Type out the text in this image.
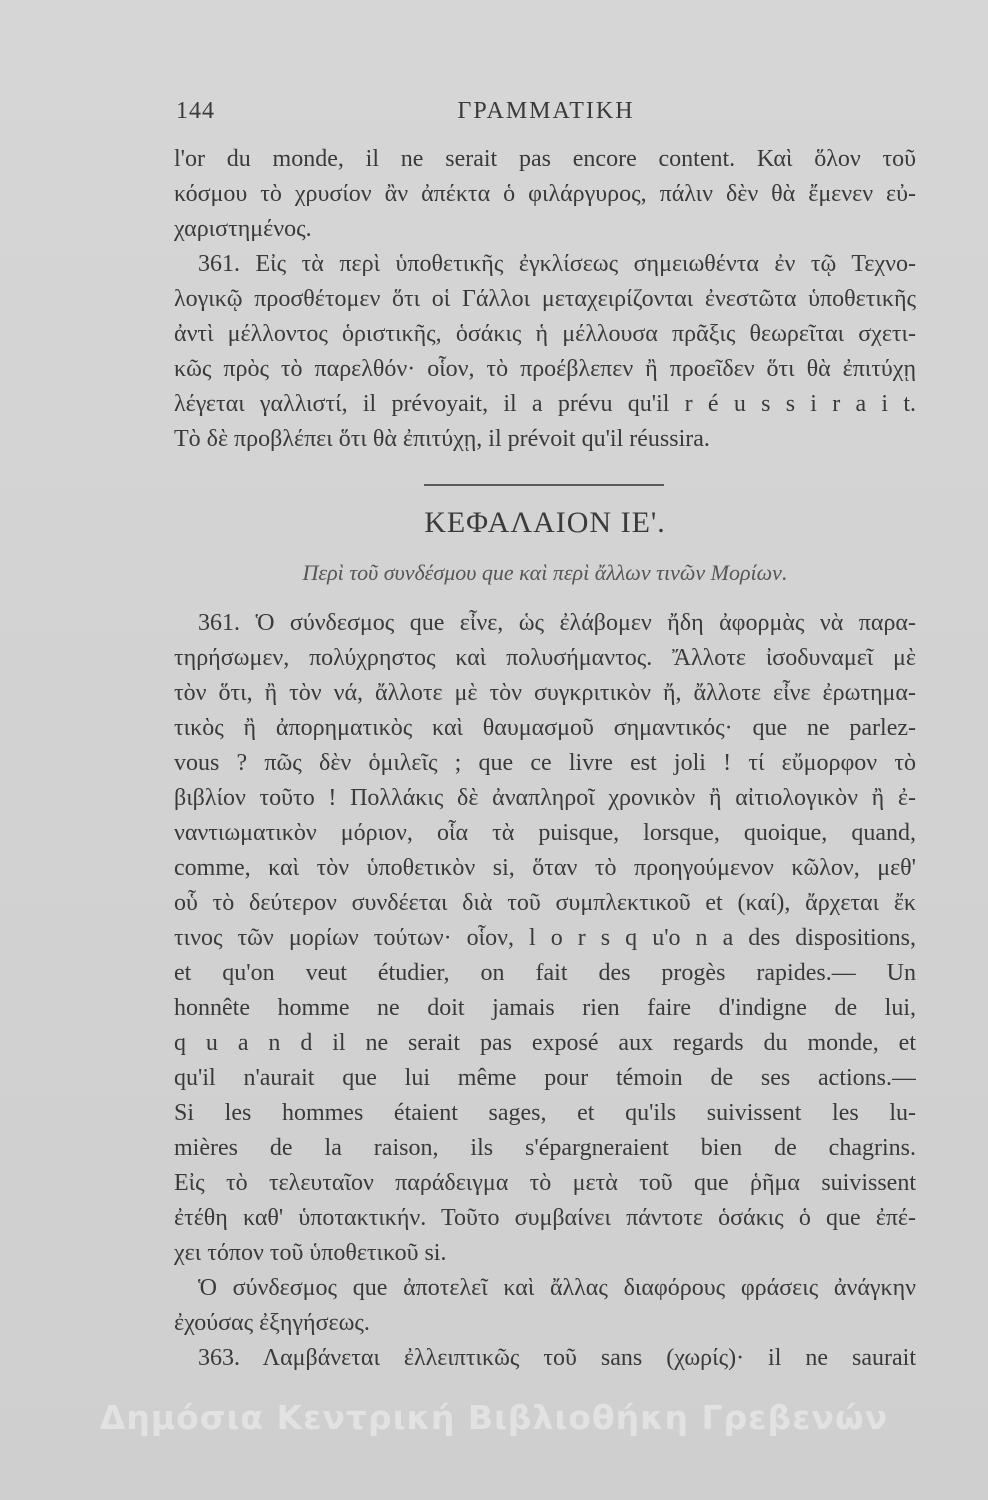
144	ΓΡΑΜΜΑΤΙΚΗ
l'or du monde, il ne serait pas encore content. Καὶ ὅλον τοῦ
κόσμου τὸ χρυσίον ἂν ἀπέκτα ὁ φιλάργυρος, πάλιν δὲν θὰ ἔμενεν εὐ-
χαριστημένος.
361. Εἰς τὰ περὶ ὑποθετικῆς ἐγκλίσεως σημειωθέντα ἐν τῷ Τεχνο-
λογικῷ προσθέτομεν ὅτι οἱ Γάλλοι μεταχειρίζονται ἐνεστῶτα ὑποθετικῆς
ἀντὶ μέλλοντος ὁριστικῆς, ὁσάκις ἡ μέλλουσα πρᾶξις θεωρεῖται σχετι-
κῶς πρὸς τὸ παρελθόν· οἷον, τὸ προέβλεπεν ἢ προεῖδεν ὅτι θὰ ἐπιτύχῃ
λέγεται γαλλιστί, il prévoyait, il a prévu qu'il r é u s s i r a i t.
Τὸ δὲ προβλέπει ὅτι θὰ ἐπιτύχῃ, il prévoit qu'il réussira.
ΚΕΦΑΛΑΙΟΝ ΙΕ'.
Περὶ τοῦ συνδέσμου que καὶ περὶ ἄλλων τινῶν Μορίων.
361. Ὁ σύνδεσμος que εἶνε, ὡς ἐλάβομεν ἤδη ἀφορμὰς νὰ παρα-
τηρήσωμεν, πολύχρηστος καὶ πολυσήμαντος. Ἄλλοτε ἰσοδυναμεῖ μὲ
τὸν ὅτι, ἢ τὸν νά, ἄλλοτε μὲ τὸν συγκριτικὸν ἤ, ἄλλοτε εἶνε ἐρωτημα-
τικὸς ἢ ἀπορηματικὸς καὶ θαυμασμοῦ σημαντικός· que ne parlez-
vous ? πῶς δὲν ὁμιλεῖς ; que ce livre est joli ! τί εὔμορφον τὸ
βιβλίον τοῦτο ! Πολλάκις δὲ ἀναπληροῖ χρονικὸν ἢ αἰτιολογικὸν ἢ ἐ-
ναντιωματικὸν μόριον, οἷα τὰ puisque, lorsque, quoique, quand,
comme, καὶ τὸν ὑποθετικὸν si, ὅταν τὸ προηγούμενον κῶλον, μεθ'
οὗ τὸ δεύτερον συνδέεται διὰ τοῦ συμπλεκτικοῦ et (καί), ἄρχεται ἔκ
τινος τῶν μορίων τούτων· οἷον, l o r s q u'o n a des dispositions,
et qu'on veut étudier, on fait des progès rapides.— Un
honnête homme ne doit jamais rien faire d'indigne de lui,
q u a n d il ne serait pas exposé aux regards du monde, et
qu'il n'aurait que lui même pour témoin de ses actions.—
Si les hommes étaient sages, et qu'ils suivissent les lu-
mières de la raison, ils s'épargneraient bien de chagrins.
Εἰς τὸ τελευταῖον παράδειγμα τὸ μετὰ τοῦ que ῥῆμα suivissent
ἐτέθη καθ' ὑποτακτικήν. Τοῦτο συμβαίνει πάντοτε ὁσάκις ὁ que ἐπέ-
χει τόπον τοῦ ὑποθετικοῦ si.
Ὁ σύνδεσμος que ἀποτελεῖ καὶ ἄλλας διαφόρους φράσεις ἀνάγκην
ἐχούσας ἐξηγήσεως.
363. Λαμβάνεται ἐλλειπτικῶς τοῦ sans (χωρίς)· il ne saurait
Δημόσια Κεντρική Βιβλιοθήκη Γρεβενών
